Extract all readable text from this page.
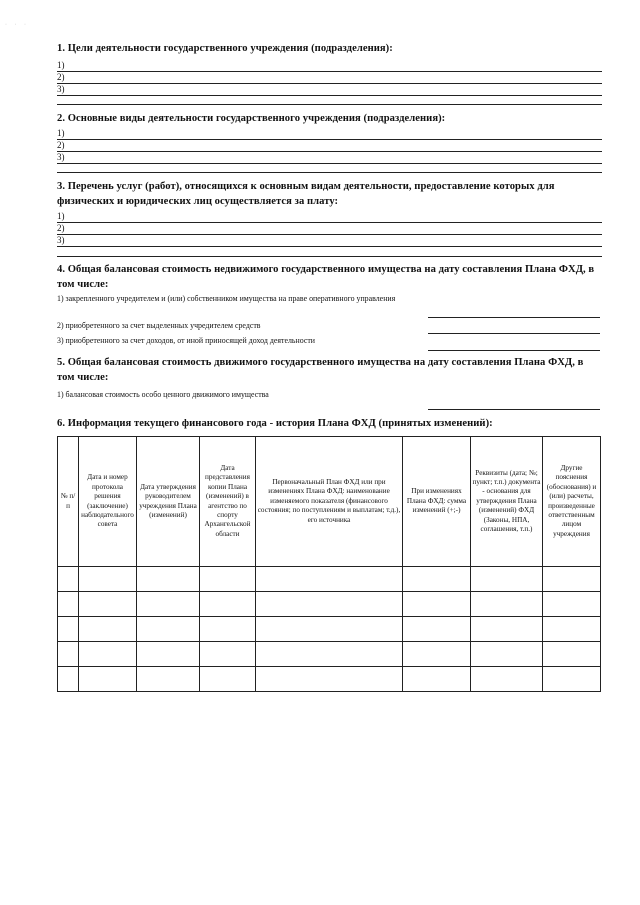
· · ·
1. Цели деятельности государственного учреждения (подразделения):
1)
2)
3)
2. Основные виды деятельности государственного учреждения (подразделения):
1)
2)
3)
3. Перечень услуг (работ), относящихся к основным видам деятельности, предоставление которых для физических и юридических лиц осуществляется за плату:
1)
2)
3)
4. Общая балансовая стоимость недвижимого государственного имущества на дату составления Плана ФХД, в том числе:
1) закрепленного учредителем и (или) собственником имущества на праве оперативного управления
2) приобретенного за счет выделенных учредителем средств
3) приобретенного за счет доходов, от иной приносящей доход деятельности
5. Общая балансовая стоимость движимого государственного имущества на дату составления Плана ФХД, в том числе:
1) балансовая стоимость особо ценного движимого имущества
6. Информация текущего финансового года - история Плана ФХД (принятых изменений):
№ п/п	Дата и номер протокола решения (заключение) наблюдательного совета	Дата утверждения руководителем учреждения Плана (изменений)	Дата представления копии Плана (изменений) в агентство по спорту Архангельской области	Первоначальный План ФХД или при изменениях Плана ФХД: наименование изменяемого показателя (финансового состояния; по поступлениям и выплатам; т.д.), его источника	При изменениях Плана ФХД: сумма изменений (+;-)	Реквизиты (дата; №; пункт; т.п.) документа - основания для утверждения Плана (изменений) ФХД (Законы, НПА, соглашения, т.п.)	Другие пояснения (обоснования) и (или) расчеты, произведенные ответственным лицом учреждения
